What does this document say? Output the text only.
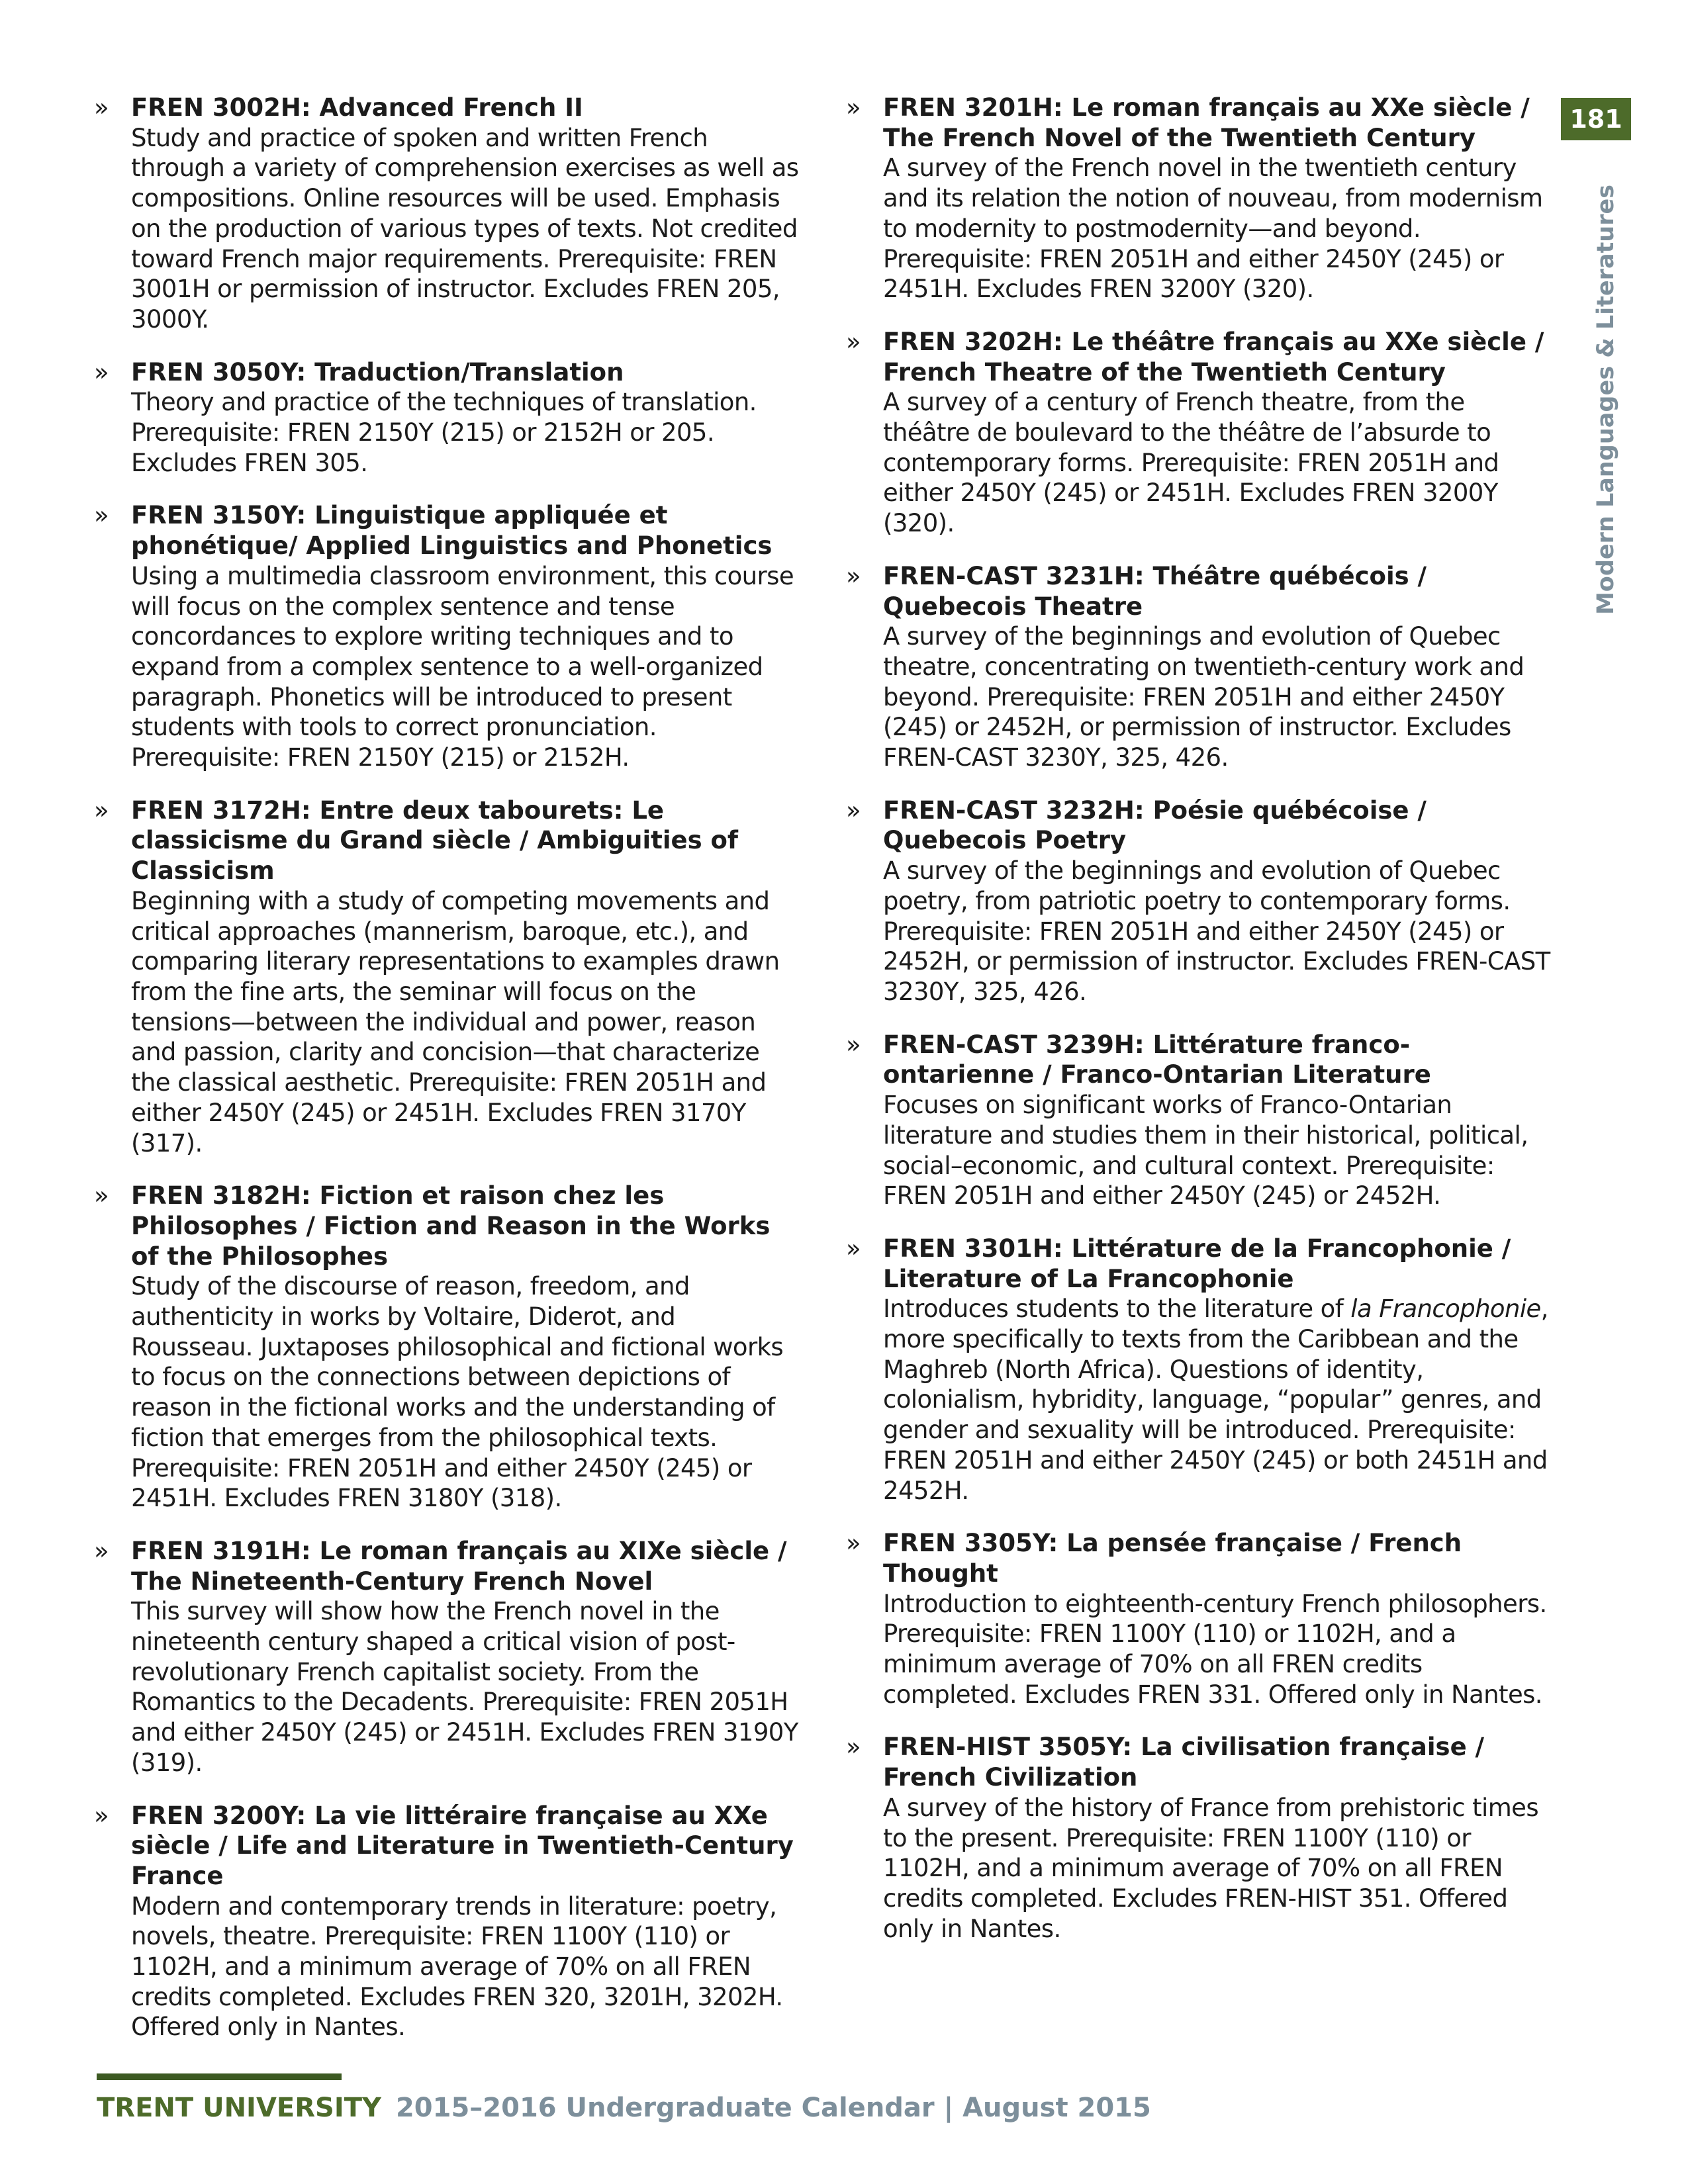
181
Modern Languages & Literatures
» FREN 3002H: Advanced French II
Study and practice of spoken and written French through a variety of comprehension exercises as well as compositions. Online resources will be used. Emphasis on the production of various types of texts. Not credited toward French major requirements. Prerequisite: FREN 3001H or permission of instructor. Excludes FREN 205, 3000Y.
» FREN 3050Y: Traduction/Translation
Theory and practice of the techniques of translation. Prerequisite: FREN 2150Y (215) or 2152H or 205. Excludes FREN 305.
» FREN 3150Y: Linguistique appliquée et phonétique/ Applied Linguistics and Phonetics
Using a multimedia classroom environment, this course will focus on the complex sentence and tense concordances to explore writing techniques and to expand from a complex sentence to a well-organized paragraph. Phonetics will be introduced to present students with tools to correct pronunciation. Prerequisite: FREN 2150Y (215) or 2152H.
» FREN 3172H: Entre deux tabourets: Le classicisme du Grand siècle / Ambiguities of Classicism
Beginning with a study of competing movements and critical approaches (mannerism, baroque, etc.), and comparing literary representations to examples drawn from the fine arts, the seminar will focus on the tensions—between the individual and power, reason and passion, clarity and concision—that characterize the classical aesthetic. Prerequisite: FREN 2051H and either 2450Y (245) or 2451H. Excludes FREN 3170Y (317).
» FREN 3182H: Fiction et raison chez les Philosophes / Fiction and Reason in the Works of the Philosophes
Study of the discourse of reason, freedom, and authenticity in works by Voltaire, Diderot, and Rousseau. Juxtaposes philosophical and fictional works to focus on the connections between depictions of reason in the fictional works and the understanding of fiction that emerges from the philosophical texts. Prerequisite: FREN 2051H and either 2450Y (245) or 2451H. Excludes FREN 3180Y (318).
» FREN 3191H: Le roman français au XIXe siècle / The Nineteenth-Century French Novel
This survey will show how the French novel in the nineteenth century shaped a critical vision of post-revolutionary French capitalist society. From the Romantics to the Decadents. Prerequisite: FREN 2051H and either 2450Y (245) or 2451H. Excludes FREN 3190Y (319).
» FREN 3200Y: La vie littéraire française au XXe siècle / Life and Literature in Twentieth-Century France
Modern and contemporary trends in literature: poetry, novels, theatre. Prerequisite: FREN 1100Y (110) or 1102H, and a minimum average of 70% on all FREN credits completed. Excludes FREN 320, 3201H, 3202H. Offered only in Nantes.
» FREN 3201H: Le roman français au XXe siècle / The French Novel of the Twentieth Century
A survey of the French novel in the twentieth century and its relation the notion of nouveau, from modernism to modernity to postmodernity—and beyond. Prerequisite: FREN 2051H and either 2450Y (245) or 2451H. Excludes FREN 3200Y (320).
» FREN 3202H: Le théâtre français au XXe siècle / French Theatre of the Twentieth Century
A survey of a century of French theatre, from the théâtre de boulevard to the théâtre de l’absurde to contemporary forms. Prerequisite: FREN 2051H and either 2450Y (245) or 2451H. Excludes FREN 3200Y (320).
» FREN-CAST 3231H: Théâtre québécois / Quebecois Theatre
A survey of the beginnings and evolution of Quebec theatre, concentrating on twentieth-century work and beyond. Prerequisite: FREN 2051H and either 2450Y (245) or 2452H, or permission of instructor. Excludes FREN-CAST 3230Y, 325, 426.
» FREN-CAST 3232H: Poésie québécoise / Quebecois Poetry
A survey of the beginnings and evolution of Quebec poetry, from patriotic poetry to contemporary forms. Prerequisite: FREN 2051H and either 2450Y (245) or 2452H, or permission of instructor. Excludes FREN-CAST 3230Y, 325, 426.
» FREN-CAST 3239H: Littérature franco-ontarienne / Franco-Ontarian Literature
Focuses on significant works of Franco-Ontarian literature and studies them in their historical, political, social–economic, and cultural context. Prerequisite: FREN 2051H and either 2450Y (245) or 2452H.
» FREN 3301H: Littérature de la Francophonie / Literature of La Francophonie
Introduces students to the literature of la Francophonie, more specifically to texts from the Caribbean and the Maghreb (North Africa). Questions of identity, colonialism, hybridity, language, “popular” genres, and gender and sexuality will be introduced. Prerequisite: FREN 2051H and either 2450Y (245) or both 2451H and 2452H.
» FREN 3305Y: La pensée française / French Thought
Introduction to eighteenth-century French philosophers. Prerequisite: FREN 1100Y (110) or 1102H, and a minimum average of 70% on all FREN credits completed. Excludes FREN 331. Offered only in Nantes.
» FREN-HIST 3505Y: La civilisation française / French Civilization
A survey of the history of France from prehistoric times to the present. Prerequisite: FREN 1100Y (110) or 1102H, and a minimum average of 70% on all FREN credits completed. Excludes FREN-HIST 351. Offered only in Nantes.
TRENT UNIVERSITY 2015–2016 Undergraduate Calendar | August 2015
